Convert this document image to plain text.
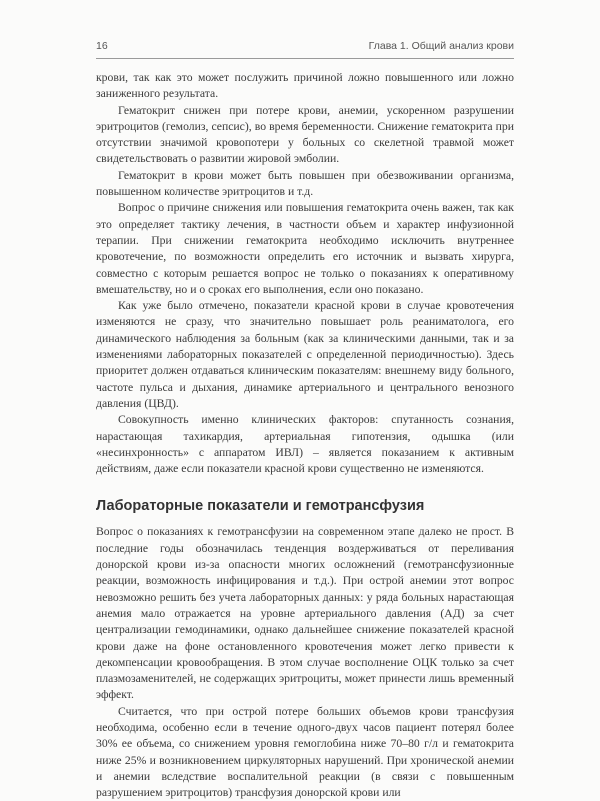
16	Глава 1. Общий анализ крови

крови, так как это может послужить причиной ложно повышенного или ложно заниженного результата.

Гематокрит снижен при потере крови, анемии, ускоренном разрушении эритроцитов (гемолиз, сепсис), во время беременности. Снижение гематокрита при отсутствии значимой кровопотери у больных со скелетной травмой может свидетельствовать о развитии жировой эмболии.

Гематокрит в крови может быть повышен при обезвоживании организма, повышенном количестве эритроцитов и т.д.

Вопрос о причине снижения или повышения гематокрита очень важен, так как это определяет тактику лечения, в частности объем и характер инфузионной терапии. При снижении гематокрита необходимо исключить внутреннее кровотечение, по возможности определить его источник и вызвать хирурга, совместно с которым решается вопрос не только о показаниях к оперативному вмешательству, но и о сроках его выполнения, если оно показано.

Как уже было отмечено, показатели красной крови в случае кровотечения изменяются не сразу, что значительно повышает роль реаниматолога, его динамического наблюдения за больным (как за клиническими данными, так и за изменениями лабораторных показателей с определенной периодичностью). Здесь приоритет должен отдаваться клиническим показателям: внешнему виду больного, частоте пульса и дыхания, динамике артериального и центрального венозного давления (ЦВД).

Совокупность именно клинических факторов: спутанность сознания, нарастающая тахикардия, артериальная гипотензия, одышка (или «несинхронность» с аппаратом ИВЛ) – является показанием к активным действиям, даже если показатели красной крови существенно не изменяются.

Лабораторные показатели и гемотрансфузия

Вопрос о показаниях к гемотрансфузии на современном этапе далеко не прост. В последние годы обозначилась тенденция воздерживаться от переливания донорской крови из-за опасности многих осложнений (гемотрансфузионные реакции, возможность инфицирования и т.д.). При острой анемии этот вопрос невозможно решить без учета лабораторных данных: у ряда больных нарастающая анемия мало отражается на уровне артериального давления (АД) за счет централизации гемодинамики, однако дальнейшее снижение показателей красной крови даже на фоне остановленного кровотечения может легко привести к декомпенсации кровообращения. В этом случае восполнение ОЦК только за счет плазмозаменителей, не содержащих эритроциты, может принести лишь временный эффект.

Считается, что при острой потере больших объемов крови трансфузия необходима, особенно если в течение одного-двух часов пациент потерял более 30% ее объема, со снижением уровня гемоглобина ниже 70–80 г/л и гематокрита ниже 25% и возникновением циркуляторных нарушений. При хронической анемии и анемии вследствие воспалительной реакции (в связи с повышенным разрушением эритроцитов) трансфузия донорской крови или
